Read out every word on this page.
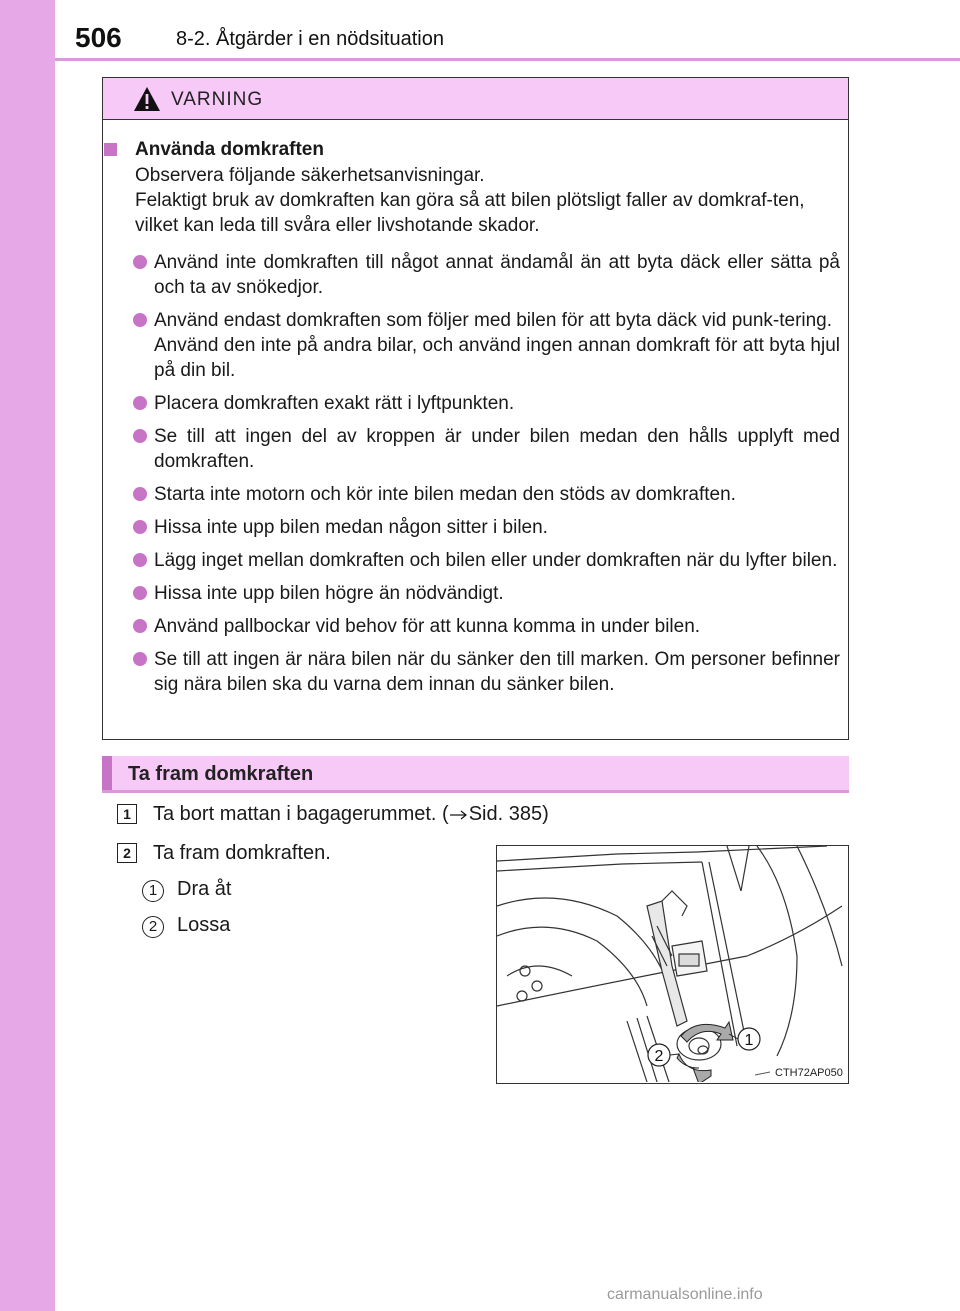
506	8-2. Åtgärder i en nödsituation
VARNING
Använda domkraften
Observera följande säkerhetsanvisningar.
Felaktigt bruk av domkraften kan göra så att bilen plötsligt faller av domkraf-ten, vilket kan leda till svåra eller livshotande skador.
Använd inte domkraften till något annat ändamål än att byta däck eller sätta på och ta av snökedjor.
Använd endast domkraften som följer med bilen för att byta däck vid punk-tering.
Använd den inte på andra bilar, och använd ingen annan domkraft för att byta hjul på din bil.
Placera domkraften exakt rätt i lyftpunkten.
Se till att ingen del av kroppen är under bilen medan den hålls upplyft med domkraften.
Starta inte motorn och kör inte bilen medan den stöds av domkraften.
Hissa inte upp bilen medan någon sitter i bilen.
Lägg inget mellan domkraften och bilen eller under domkraften när du lyfter bilen.
Hissa inte upp bilen högre än nödvändigt.
Använd pallbockar vid behov för att kunna komma in under bilen.
Se till att ingen är nära bilen när du sänker den till marken. Om personer befinner sig nära bilen ska du varna dem innan du sänker bilen.
Ta fram domkraften
1	Ta bort mattan i bagagerummet. ( Sid. 385)
2	Ta fram domkraften.
1 Dra åt
2 Lossa
1
2
CTH72AP050
carmanualsonline.info
